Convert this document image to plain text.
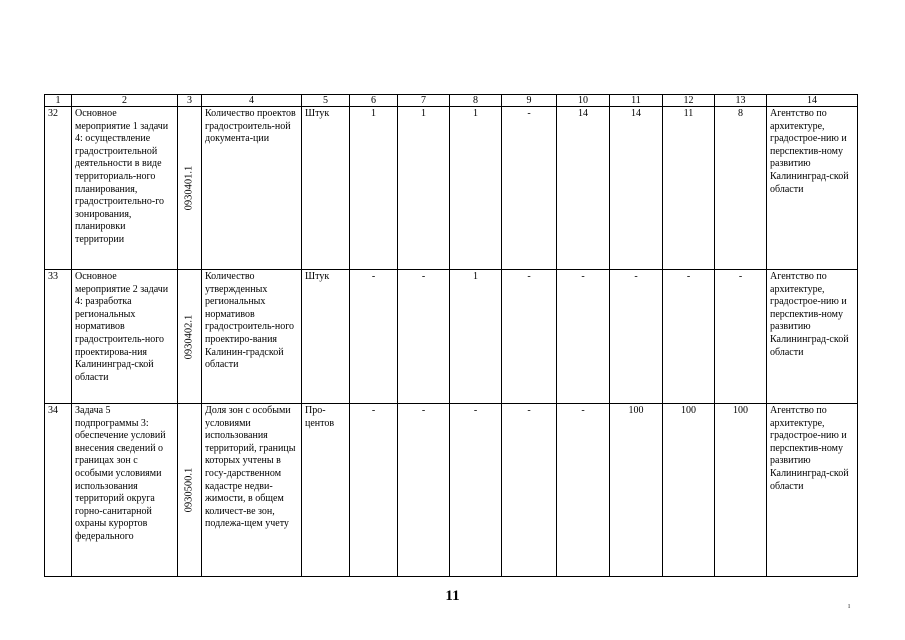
1	2	3	4	5	6	7	8	9	10	11	12	13	14
32	Основное мероприятие 1 задачи 4: осуществление градостроительной деятельности в виде территориаль-ного планирования, градостроительно-го зонирования, планировки территории	0930401.1	Количество проектов градостроитель-ной документа-ции	Штук	1	1	1	-	14	14	11	8	Агентство по архитектуре, градострое-нию и перспектив-ному развитию Калининград-ской области
33	Основное мероприятие 2 задачи 4: разработка региональных нормативов градостроитель-ного проектирова-ния Калининград-ской области	0930402.1	Количество утвержденных региональных нормативов градостроитель-ного проектиро-вания Калинин-градской области	Штук	-	-	1	-	-	-	-	-	Агентство по архитектуре, градострое-нию и перспектив-ному развитию Калининград-ской области
34	Задача 5 подпрограммы 3: обеспечение условий внесения сведений о границах зон с особыми условиями использования территорий округа горно-санитарной охраны курортов федерального	0930500.1	Доля зон с особыми условиями использования территорий, границы которых учтены в госу-дарственном кадастре недви-жимости, в общем количест-ве зон, подлежа-щем учету	Про-центов	-	-	-	-	-	100	100	100	Агентство по архитектуре, градострое-нию и перспектив-ному развитию Калининград-ской области
11
ı
